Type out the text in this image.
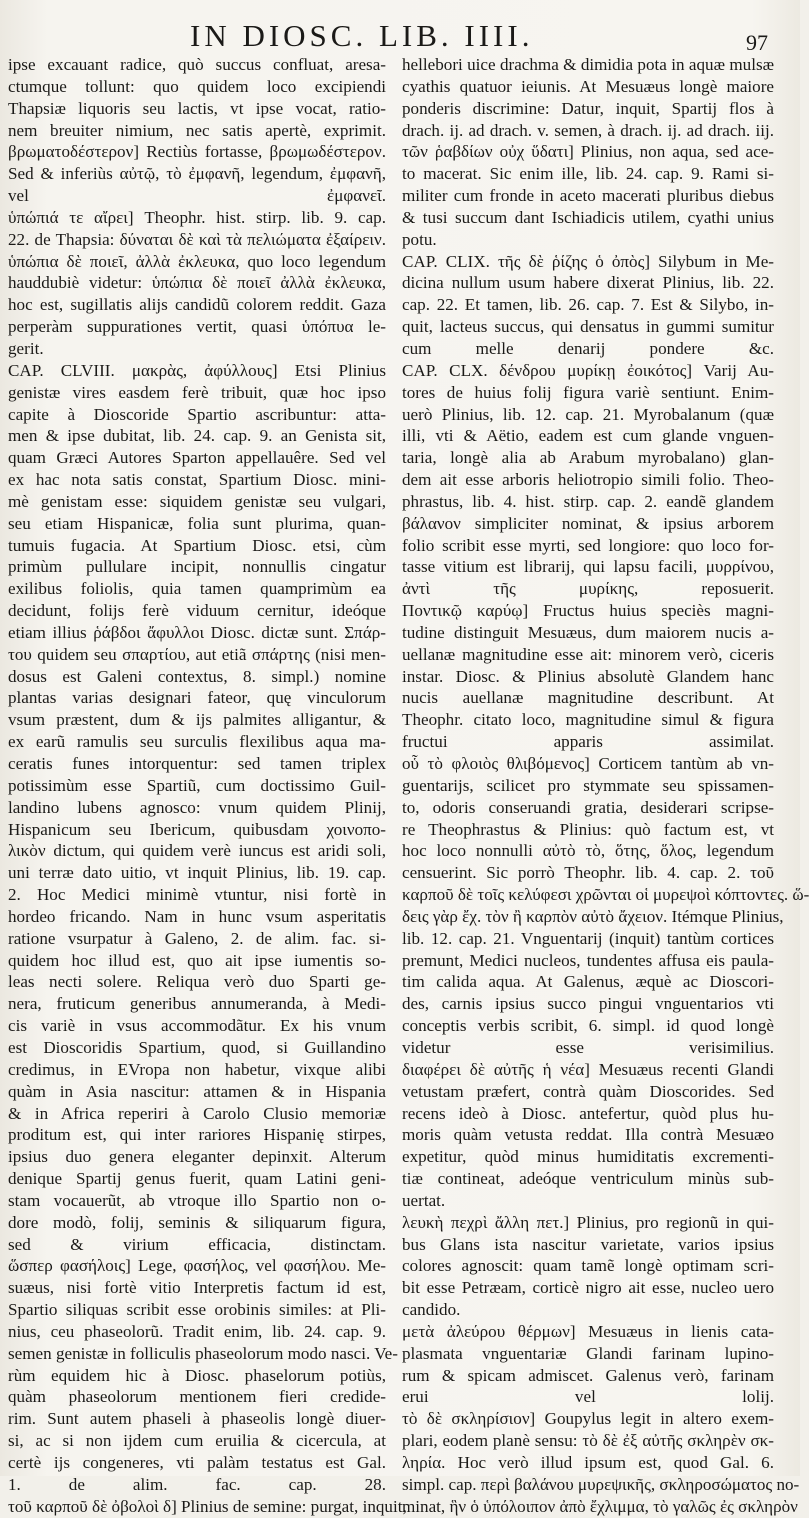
IN DIOSC. LIB. IIII.	97

ipse excauant radice, quò succus confluat, aresa-

ctumque tollunt: quo quidem loco excipiendi

Thapsiæ liquoris seu lactis, vt ipse vocat, ratio-

nem breuiter nimium, nec satis apertè, exprimit.

βρωματοδέστερον] Rectiùs fortasse, βρωμωδέστερον.

Sed & inferiùs αὐτῷ, τὸ ἐμφανῆ, legendum, ἐμφανῆ,

vel ἐμφανεῖ.

ὑπώπιά τε αἴρει] Theophr. hist. stirp. lib. 9. cap.

22. de Thapsia: δύναται δὲ καὶ τὰ πελιώματα ἐξαίρειν.

ὑπώπια δὲ ποιεῖ, ἀλλὰ ἐκλευκα, quo loco legendum

hauddubiè videtur: ὑπώπια δὲ ποιεῖ ἀλλὰ ἐκλευκα,

hoc est, sugillatis alijs candidũ colorem reddit. Gaza

perperàm suppurationes vertit, quasi ὑπόπυα le-

gerit.

CAP. CLVIII. μακρὰς, ἀφύλλους] Etsi Plinius

genistæ vires easdem ferè tribuit, quæ hoc ipso

capite à Dioscoride Spartio ascribuntur: atta-

men & ipse dubitat, lib. 24. cap. 9. an Genista sit,

quam Græci Autores Sparton appellauêre. Sed vel

ex hac nota satis constat, Spartium Diosc. mini-

mè genistam esse: siquidem genistæ seu vulgari,

seu etiam Hispanicæ, folia sunt plurima, quan-

tumuis fugacia. At Spartium Diosc. etsi, cùm

primùm pullulare incipit, nonnullis cingatur

exilibus foliolis, quia tamen quamprimùm ea

decidunt, folijs ferè viduum cernitur, ideóque

etiam illius ῥάβδοι ἄφυλλοι Diosc. dictæ sunt. Σπάρ-

του quidem seu σπαρτίου, aut etiã σπάρτης (nisi men-

dosus est Galeni contextus, 8. simpl.) nomine

plantas varias designari fateor, quę vinculorum

vsum præstent, dum & ijs palmites alligantur, &

ex earũ ramulis seu surculis flexilibus aqua ma-

ceratis funes intorquentur: sed tamen triplex

potissimùm esse Spartiũ, cum doctissimo Guil-

landino lubens agnosco: vnum quidem Plinij,

Hispanicum seu Ibericum, quibusdam χοινοπο-

λικὸν dictum, qui quidem verè iuncus est aridi soli,

uni terræ dato uitio, vt inquit Plinius, lib. 19. cap.

2. Hoc Medici minimè vtuntur, nisi fortè in

hordeo fricando. Nam in hunc vsum asperitatis

ratione vsurpatur à Galeno, 2. de alim. fac. si-

quidem hoc illud est, quo ait ipse iumentis so-

leas necti solere. Reliqua verò duo Sparti ge-

nera, fruticum generibus annumeranda, à Medi-

cis variè in vsus accommodãtur. Ex his vnum

est Dioscoridis Spartium, quod, si Guillandino

credimus, in EVropa non habetur, vixque alibi

quàm in Asia nascitur: attamen & in Hispania

& in Africa reperiri à Carolo Clusio memoriæ

proditum est, qui inter rariores Hispanię stirpes,

ipsius duo genera eleganter depinxit. Alterum

denique Spartij genus fuerit, quam Latini geni-

stam vocauerũt, ab vtroque illo Spartio non o-

dore modò, folij, seminis & siliquarum figura,

sed & virium efficacia, distinctam.

ὥσπερ φασήλοις] Lege, φασήλος, vel φασήλου. Me-

suæus, nisi fortè vitio Interpretis factum id est,

Spartio siliquas scribit esse orobinis similes: at Pli-

nius, ceu phaseolorũ. Tradit enim, lib. 24. cap. 9.

semen genistæ in folliculis phaseolorum modo nasci. Ve-

rùm equidem hic à Diosc. phaselorum potiùs,

quàm phaseolorum mentionem fieri credide-

rim. Sunt autem phaseli à phaseolis longè diuer-

si, ac si non ijdem cum eruilia & cicercula, at

certè ijs congeneres, vti palàm testatus est Gal.

1. de alim. fac. cap. 28.

τοῦ καρποῦ δὲ ὀβολοὶ δ] Plinius de semine: purgat, inquit,

hellebori uice drachma & dimidia pota in aquæ mulsæ

cyathis quatuor ieiunis. At Mesuæus longè maiore

ponderis discrimine: Datur, inquit, Spartij flos à

drach. ij. ad drach. v. semen, à drach. ij. ad drach. iij.

τῶν ῥαβδίων οὐχ ὕδατι] Plinius, non aqua, sed ace-

to macerat. Sic enim ille, lib. 24. cap. 9. Rami si-

militer cum fronde in aceto macerati pluribus diebus

& tusi succum dant Ischiadicis utilem, cyathi unius

potu.

CAP. CLIX. τῆς δὲ ῥίζης ὁ ὀπὸς] Silybum in Me-

dicina nullum usum habere dixerat Plinius, lib. 22.

cap. 22. Et tamen, lib. 26. cap. 7. Est & Silybo, in-

quit, lacteus succus, qui densatus in gummi sumitur

cum melle denarij pondere &c.

CAP. CLX. δένδρου μυρίκῃ ἐοικότος] Varij Au-

tores de huius folij figura variè sentiunt. Enim-

uerò Plinius, lib. 12. cap. 21. Myrobalanum (quæ

illi, vti & Aëtio, eadem est cum glande vnguen-

taria, longè alia ab Arabum myrobalano) glan-

dem ait esse arboris heliotropio simili folio. Theo-

phrastus, lib. 4. hist. stirp. cap. 2. eandẽ glandem

βάλανον simpliciter nominat, & ipsius arborem

folio scribit esse myrti, sed longiore: quo loco for-

tasse vitium est librarij, qui lapsu facili, μυρρίνου,

ἀντὶ τῆς μυρίκης, reposuerit.

Ποντικῷ καρύῳ] Fructus huius speciès magni-

tudine distinguit Mesuæus, dum maiorem nucis a-

uellanæ magnitudine esse ait: minorem verò, ciceris

instar. Diosc. & Plinius absolutè Glandem hanc

nucis auellanæ magnitudine describunt. At

Theophr. citato loco, magnitudine simul & figura

fructui apparis assimilat.

οὗ τὸ φλοιὸς θλιβόμενος] Corticem tantùm ab vn-

guentarijs, scilicet pro stymmate seu spissamen-

to, odoris conseruandi gratia, desiderari scripse-

re Theophrastus & Plinius: quò factum est, vt

hoc loco nonnulli αὐτὸ τὸ, ὅτης, ὅλος, legendum

censuerint. Sic porrò Theophr. lib. 4. cap. 2. τοῦ

καρποῦ δὲ τοῖς κελύφεσι χρῶνται οἱ μυρεψοὶ κόπτοντες. ὥ-

δεις γὰρ ἔχ. τὸν ἢ καρπὸν αὐτὸ ἄχειον. Itémque Plinius,

lib. 12. cap. 21. Vnguentarij (inquit) tantùm cortices

premunt, Medici nucleos, tundentes affusa eis paula-

tim calida aqua. At Galenus, æquè ac Dioscori-

des, carnis ipsius succo pingui vnguentarios vti

conceptis verbis scribit, 6. simpl. id quod longè

videtur esse verisimilius.

διαφέρει δὲ αὐτῆς ἡ νέα] Mesuæus recenti Glandi

vetustam præfert, contrà quàm Dioscorides. Sed

recens ideò à Diosc. antefertur, quòd plus hu-

moris quàm vetusta reddat. Illa contrà Mesuæo

expetitur, quòd minus humiditatis excrementi-

tiæ contineat, adeóque ventriculum minùs sub-

uertat.

λευκὴ πεχρὶ ἄλλη πετ.] Plinius, pro regionũ in qui-

bus Glans ista nascitur varietate, varios ipsius

colores agnoscit: quam tamẽ longè optimam scri-

bit esse Petræam, corticè nigro ait esse, nucleo uero

candido.

μετὰ ἀλεύρου θέρμων] Mesuæus in lienis cata-

plasmata vnguentariæ Glandi farinam lupino-

rum & spicam admiscet. Galenus verò, farinam

erui vel lolij.

τὸ δὲ σκληρίσιον] Goupylus legit in altero exem-

plari, eodem planè sensu: τὸ δὲ ἐξ αὐτῆς σκληρὲν σκ-

ληρία. Hoc verò illud ipsum est, quod Gal. 6.

simpl. cap. περὶ βαλάνου μυρεψικῆς, σκληροσώματος no-

minat, ἣν ὁ ὑπόλοιπον ἀπὸ ἔχλιμμα, τὸ γαλῶς ἐς σκληρὸν
